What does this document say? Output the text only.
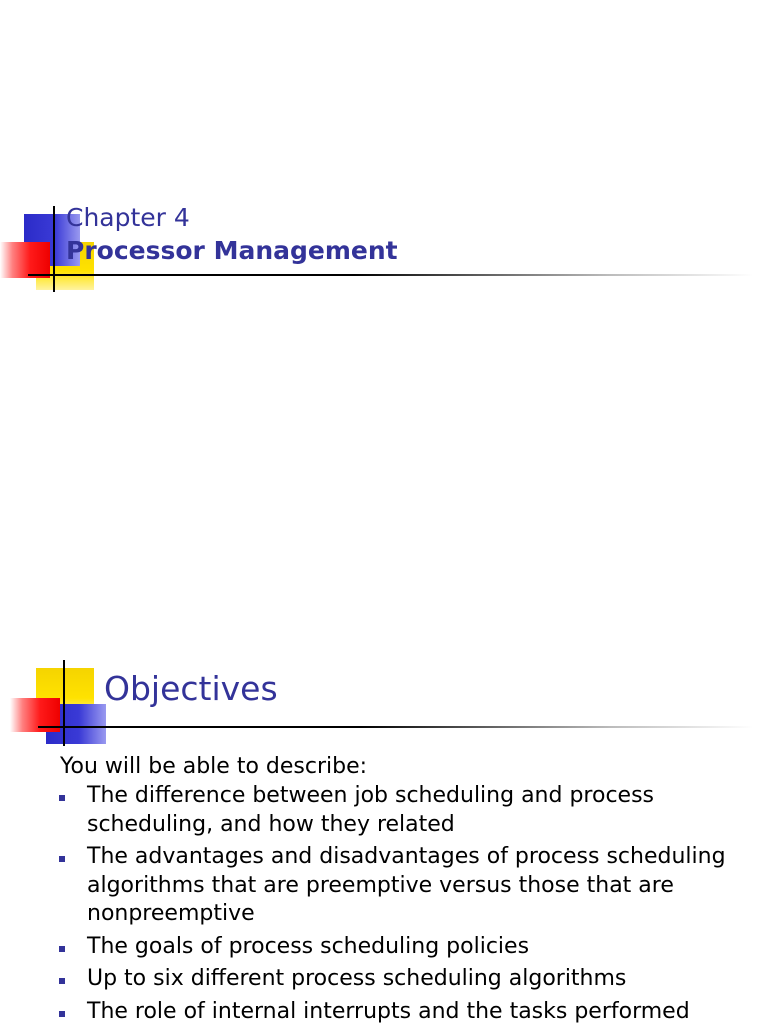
Chapter 4
Processor Management
Objectives
You will be able to describe:
The difference between job scheduling and process scheduling, and how they related
The advantages and disadvantages of process scheduling algorithms that are preemptive versus those that are nonpreemptive
The goals of process scheduling policies
Up to six different process scheduling algorithms
The role of internal interrupts and the tasks performed
